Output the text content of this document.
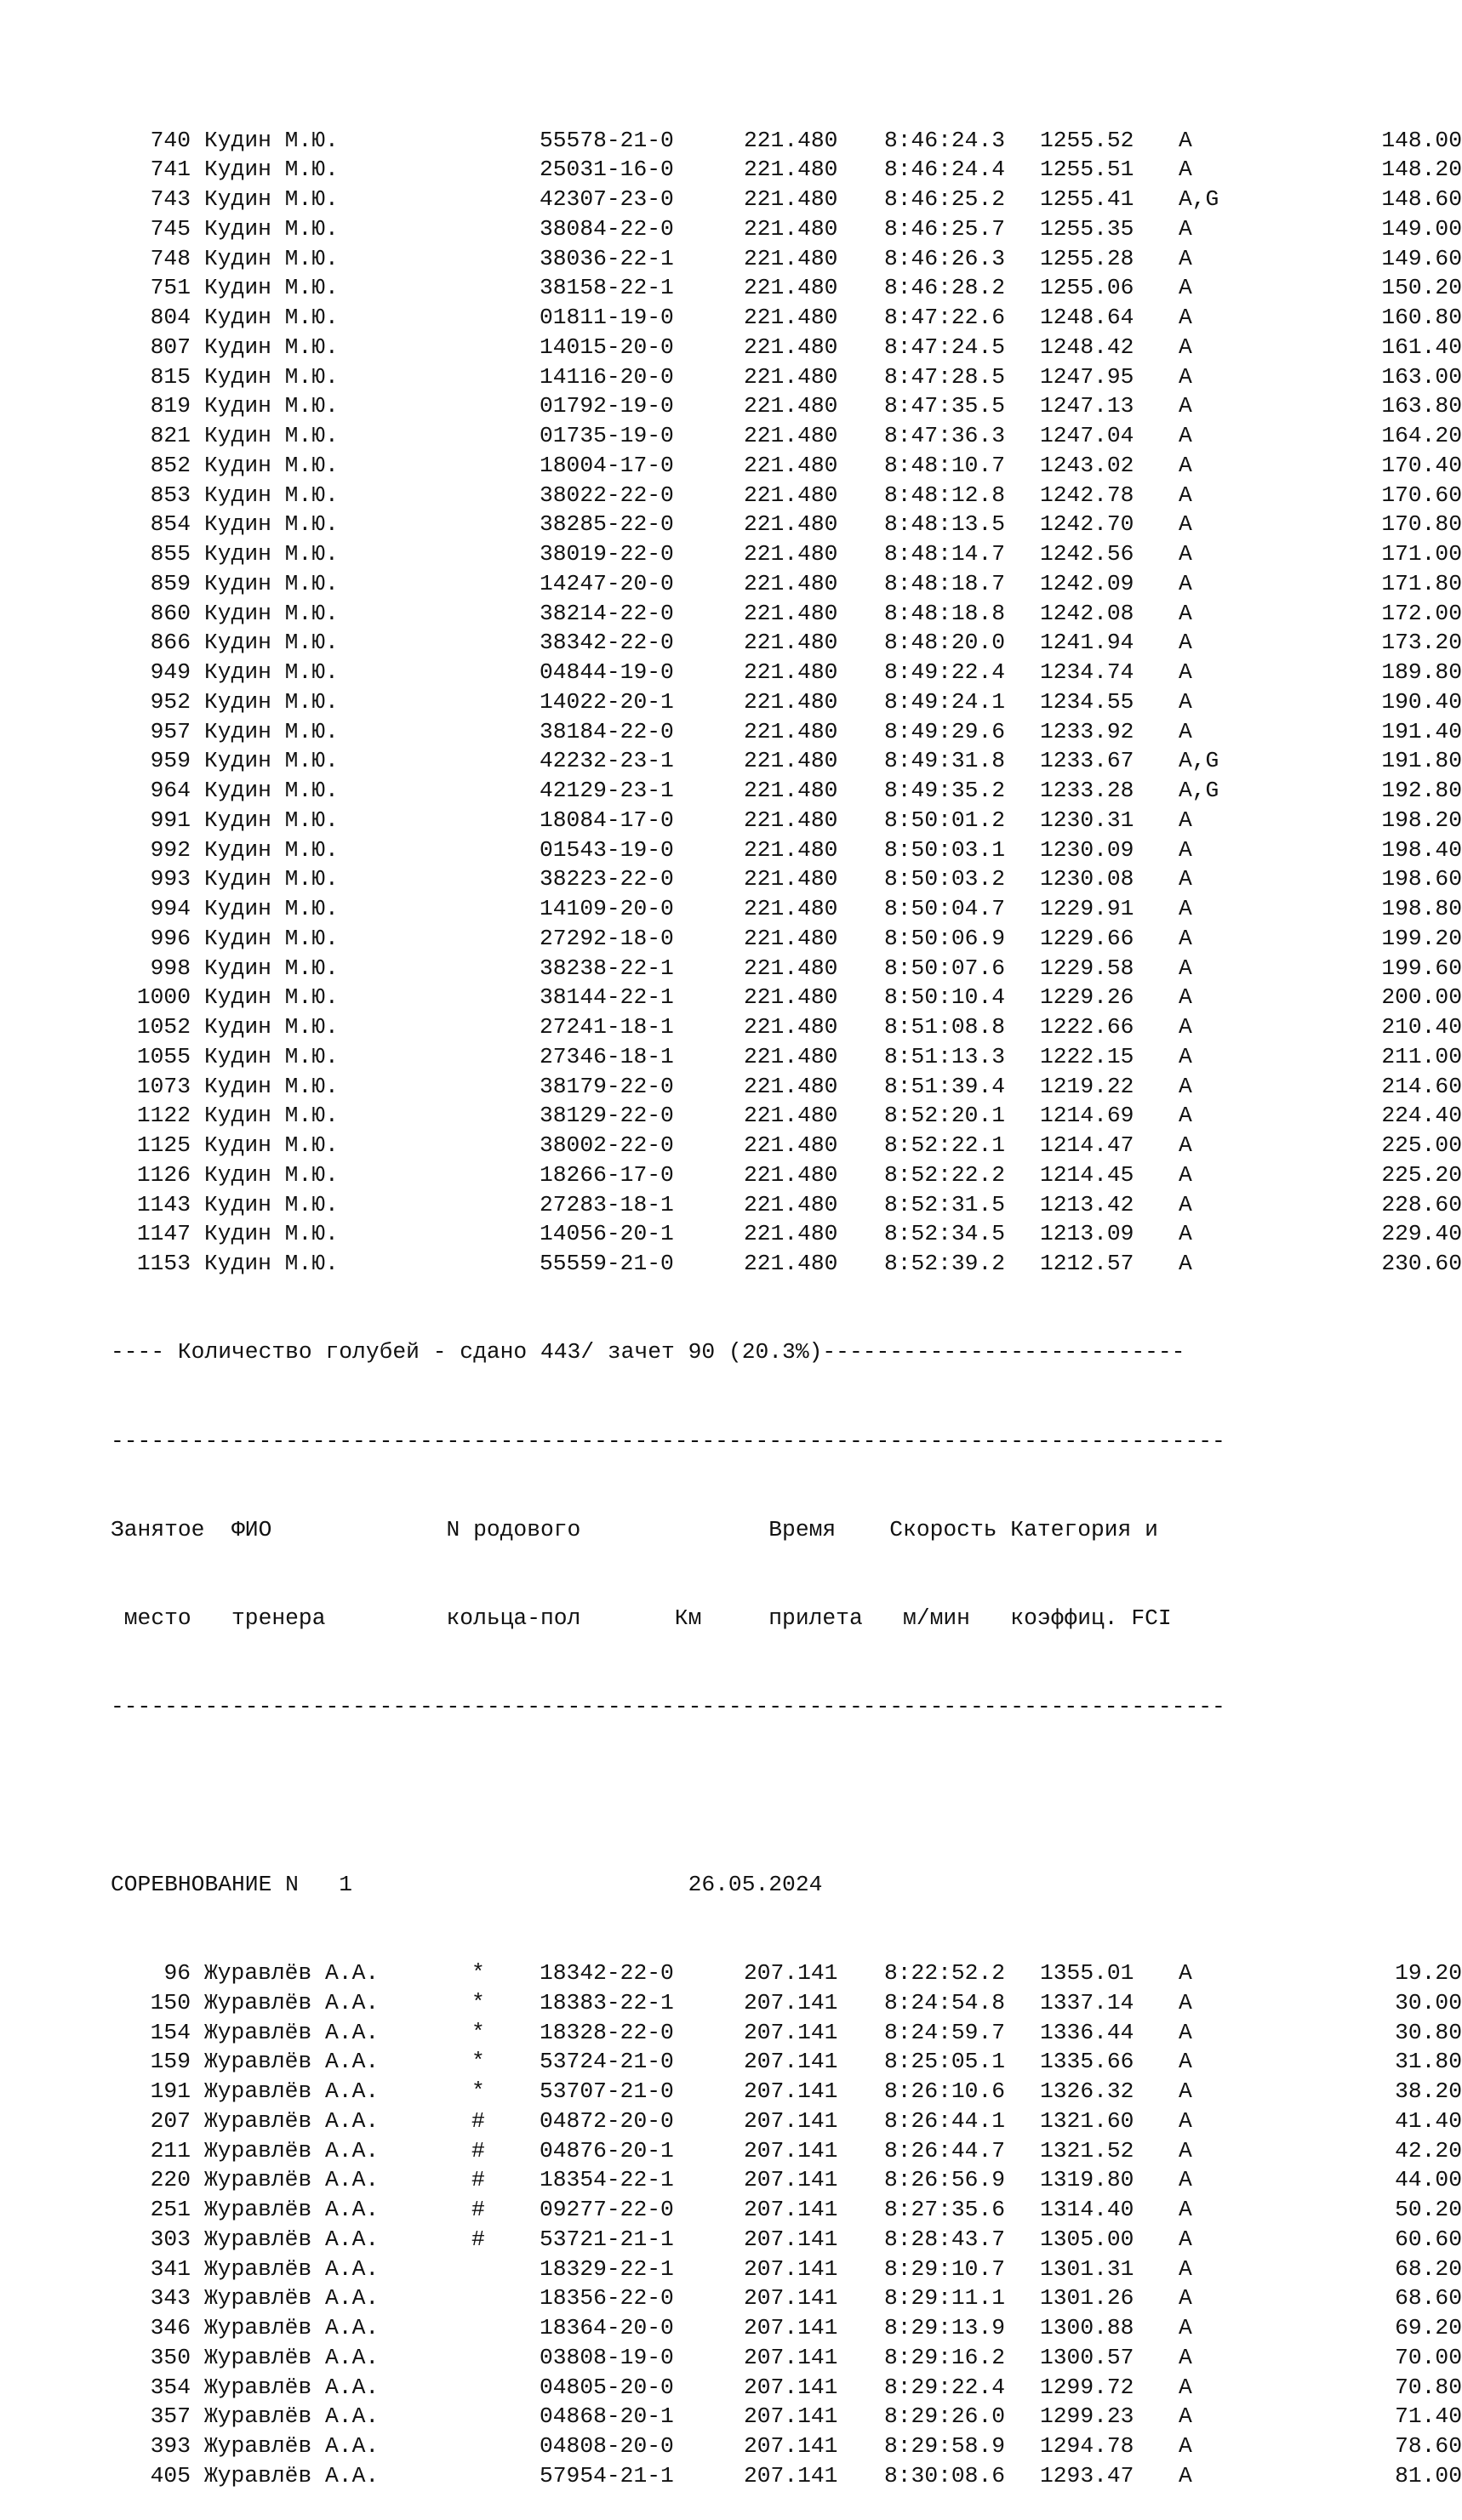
740 Кудин М.Ю.	55578-21-0	221.480 8:46:24.3 1255.52 A	148.00
741 Кудин М.Ю.	25031-16-0	221.480 8:46:24.4 1255.51 A	148.20
743 Кудин М.Ю.	42307-23-0	221.480 8:46:25.2 1255.41 A,G	148.60
745 Кудин М.Ю.	38084-22-0	221.480 8:46:25.7 1255.35 A	149.00
748 Кудин М.Ю.	38036-22-1	221.480 8:46:26.3 1255.28 A	149.60
751 Кудин М.Ю.	38158-22-1	221.480 8:46:28.2 1255.06 A	150.20
804 Кудин М.Ю.	01811-19-0	221.480 8:47:22.6 1248.64 A	160.80
807 Кудин М.Ю.	14015-20-0	221.480 8:47:24.5 1248.42 A	161.40
815 Кудин М.Ю.	14116-20-0	221.480 8:47:28.5 1247.95 A	163.00
819 Кудин М.Ю.	01792-19-0	221.480 8:47:35.5 1247.13 A	163.80
821 Кудин М.Ю.	01735-19-0	221.480 8:47:36.3 1247.04 A	164.20
852 Кудин М.Ю.	18004-17-0	221.480 8:48:10.7 1243.02 A	170.40
853 Кудин М.Ю.	38022-22-0	221.480 8:48:12.8 1242.78 A	170.60
854 Кудин М.Ю.	38285-22-0	221.480 8:48:13.5 1242.70 A	170.80
855 Кудин М.Ю.	38019-22-0	221.480 8:48:14.7 1242.56 A	171.00
859 Кудин М.Ю.	14247-20-0	221.480 8:48:18.7 1242.09 A	171.80
860 Кудин М.Ю.	38214-22-0	221.480 8:48:18.8 1242.08 A	172.00
866 Кудин М.Ю.	38342-22-0	221.480 8:48:20.0 1241.94 A	173.20
949 Кудин М.Ю.	04844-19-0	221.480 8:49:22.4 1234.74 A	189.80
952 Кудин М.Ю.	14022-20-1	221.480 8:49:24.1 1234.55 A	190.40
957 Кудин М.Ю.	38184-22-0	221.480 8:49:29.6 1233.92 A	191.40
959 Кудин М.Ю.	42232-23-1	221.480 8:49:31.8 1233.67 A,G	191.80
964 Кудин М.Ю.	42129-23-1	221.480 8:49:35.2 1233.28 A,G	192.80
991 Кудин М.Ю.	18084-17-0	221.480 8:50:01.2 1230.31 A	198.20
992 Кудин М.Ю.	01543-19-0	221.480 8:50:03.1 1230.09 A	198.40
993 Кудин М.Ю.	38223-22-0	221.480 8:50:03.2 1230.08 A	198.60
994 Кудин М.Ю.	14109-20-0	221.480 8:50:04.7 1229.91 A	198.80
996 Кудин М.Ю.	27292-18-0	221.480 8:50:06.9 1229.66 A	199.20
998 Кудин М.Ю.	38238-22-1	221.480 8:50:07.6 1229.58 A	199.60
1000 Кудин М.Ю.	38144-22-1	221.480 8:50:10.4 1229.26 A	200.00
1052 Кудин М.Ю.	27241-18-1	221.480 8:51:08.8 1222.66 A	210.40
1055 Кудин М.Ю.	27346-18-1	221.480 8:51:13.3 1222.15 A	211.00
1073 Кудин М.Ю.	38179-22-0	221.480 8:51:39.4 1219.22 A	214.60
1122 Кудин М.Ю.	38129-22-0	221.480 8:52:20.1 1214.69 A	224.40
1125 Кудин М.Ю.	38002-22-0	221.480 8:52:22.1 1214.47 A	225.00
1126 Кудин М.Ю.	18266-17-0	221.480 8:52:22.2 1214.45 A	225.20
1143 Кудин М.Ю.	27283-18-1	221.480 8:52:31.5 1213.42 A	228.60
1147 Кудин М.Ю.	14056-20-1	221.480 8:52:34.5 1213.09 A	229.40
1153 Кудин М.Ю.	55559-21-0	221.480 8:52:39.2 1212.57 A	230.60

---- Количество голубей - сдано 443/ зачет 90 (20.3%)---------------------------

-----------------------------------------------------------------------------------

Занятое  ФИО             N родового              Время    Скорость Категория и

место   тренера         кольца-пол       Км     прилета   м/мин   коэффиц. FCI

-----------------------------------------------------------------------------------

СОРЕВНОВАНИЕ N   1                         26.05.2024

96 Журавлёв А.А.	* 18342-22-0	207.141 8:22:52.2 1355.01 A	19.20
150 Журавлёв А.А.	* 18383-22-1	207.141 8:24:54.8 1337.14 A	30.00
154 Журавлёв А.А.	* 18328-22-0	207.141 8:24:59.7 1336.44 A	30.80
159 Журавлёв А.А.	* 53724-21-0	207.141 8:25:05.1 1335.66 A	31.80
191 Журавлёв А.А.	* 53707-21-0	207.141 8:26:10.6 1326.32 A	38.20
207 Журавлёв А.А.	# 04872-20-0	207.141 8:26:44.1 1321.60 A	41.40
211 Журавлёв А.А.	# 04876-20-1	207.141 8:26:44.7 1321.52 A	42.20
220 Журавлёв А.А.	# 18354-22-1	207.141 8:26:56.9 1319.80 A	44.00
251 Журавлёв А.А.	# 09277-22-0	207.141 8:27:35.6 1314.40 A	50.20
303 Журавлёв А.А.	# 53721-21-1	207.141 8:28:43.7 1305.00 A	60.60
341 Журавлёв А.А.	18329-22-1	207.141 8:29:10.7 1301.31 A	68.20
343 Журавлёв А.А.	18356-22-0	207.141 8:29:11.1 1301.26 A	68.60
346 Журавлёв А.А.	18364-20-0	207.141 8:29:13.9 1300.88 A	69.20
350 Журавлёв А.А.	03808-19-0	207.141 8:29:16.2 1300.57 A	70.00
354 Журавлёв А.А.	04805-20-0	207.141 8:29:22.4 1299.72 A	70.80
357 Журавлёв А.А.	04868-20-1	207.141 8:29:26.0 1299.23 A	71.40
393 Журавлёв А.А.	04808-20-0	207.141 8:29:58.9 1294.78 A	78.60
405 Журавлёв А.А.	57954-21-1	207.141 8:30:08.6 1293.47 A	81.00
